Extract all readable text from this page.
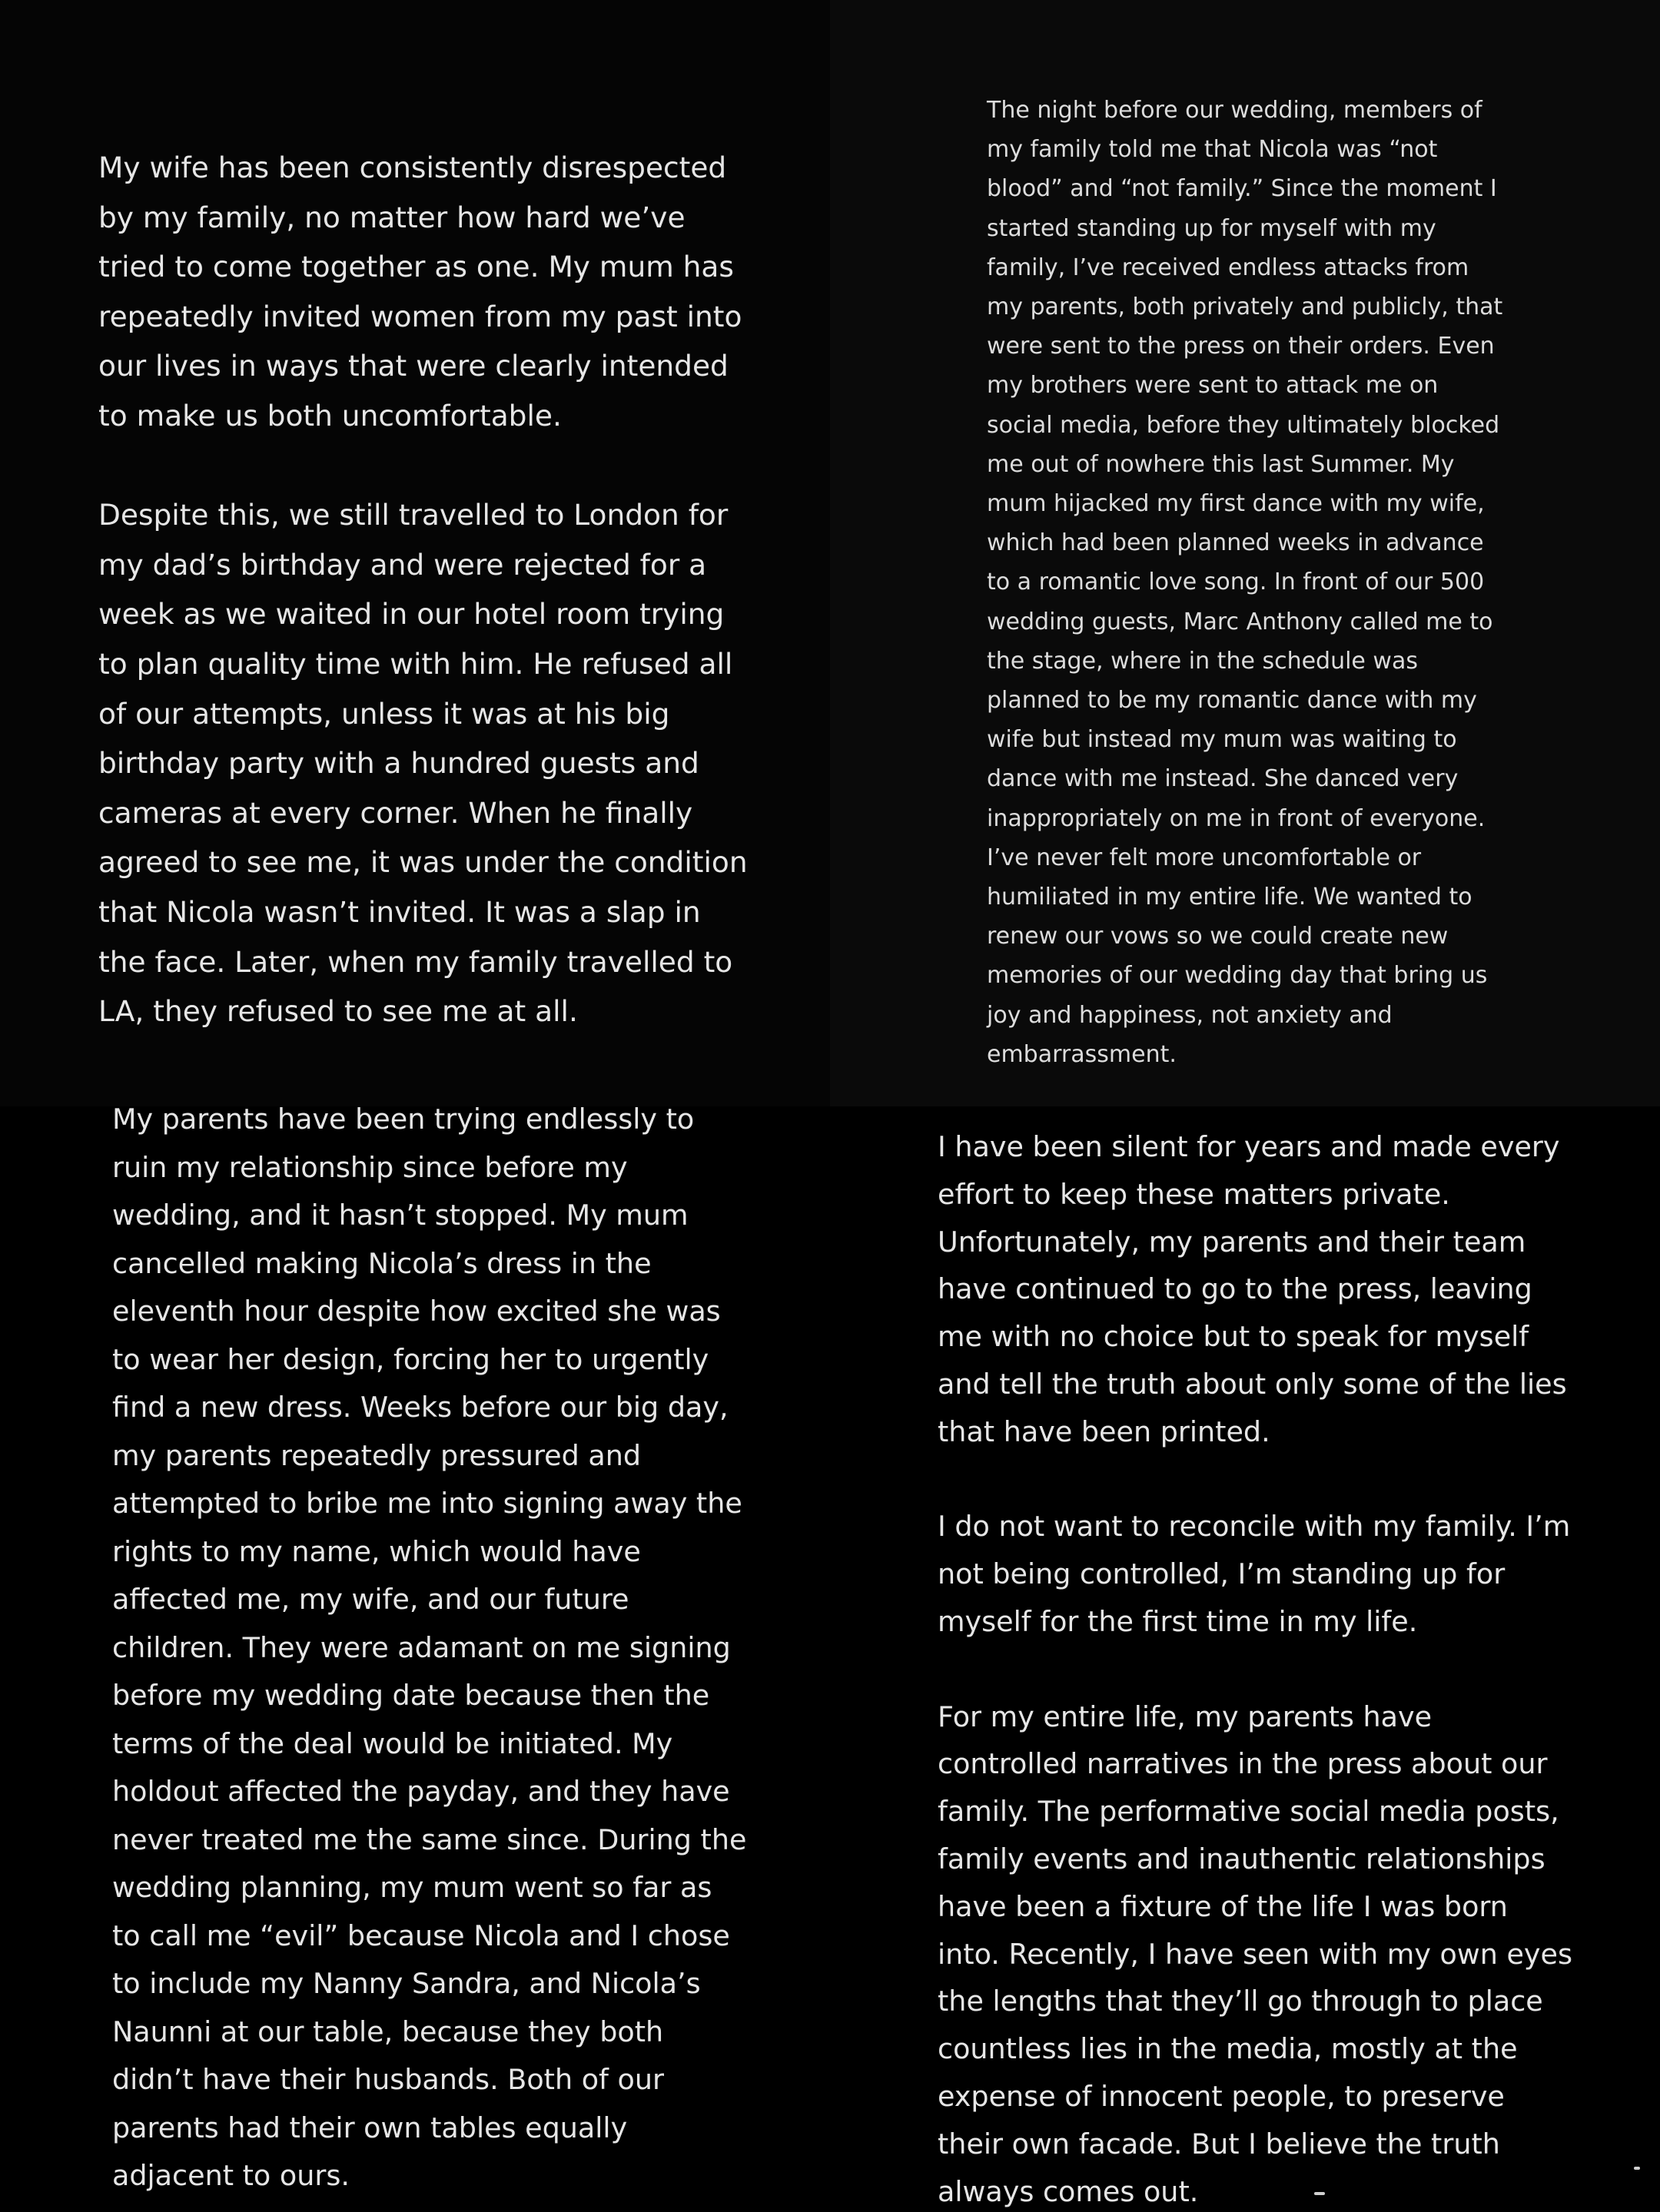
My wife has been consistently disrespected
by my family, no matter how hard we’ve
tried to come together as one. My mum has
repeatedly invited women from my past into
our lives in ways that were clearly intended
to make us both uncomfortable.

Despite this, we still travelled to London for
my dad’s birthday and were rejected for a
week as we waited in our hotel room trying
to plan quality time with him. He refused all
of our attempts, unless it was at his big
birthday party with a hundred guests and
cameras at every corner. When he finally
agreed to see me, it was under the condition
that Nicola wasn’t invited. It was a slap in
the face. Later, when my family travelled to
LA, they refused to see me at all.

The night before our wedding, members of
my family told me that Nicola was “not
blood” and “not family.” Since the moment I
started standing up for myself with my
family, I’ve received endless attacks from
my parents, both privately and publicly, that
were sent to the press on their orders. Even
my brothers were sent to attack me on
social media, before they ultimately blocked
me out of nowhere this last Summer. My
mum hijacked my first dance with my wife,
which had been planned weeks in advance
to a romantic love song. In front of our 500
wedding guests, Marc Anthony called me to
the stage, where in the schedule was
planned to be my romantic dance with my
wife but instead my mum was waiting to
dance with me instead. She danced very
inappropriately on me in front of everyone.
I’ve never felt more uncomfortable or
humiliated in my entire life. We wanted to
renew our vows so we could create new
memories of our wedding day that bring us
joy and happiness, not anxiety and
embarrassment.

My parents have been trying endlessly to
ruin my relationship since before my
wedding, and it hasn’t stopped. My mum
cancelled making Nicola’s dress in the
eleventh hour despite how excited she was
to wear her design, forcing her to urgently
find a new dress. Weeks before our big day,
my parents repeatedly pressured and
attempted to bribe me into signing away the
rights to my name, which would have
affected me, my wife, and our future
children. They were adamant on me signing
before my wedding date because then the
terms of the deal would be initiated. My
holdout affected the payday, and they have
never treated me the same since. During the
wedding planning, my mum went so far as
to call me “evil” because Nicola and I chose
to include my Nanny Sandra, and Nicola’s
Naunni at our table, because they both
didn’t have their husbands. Both of our
parents had their own tables equally
adjacent to ours.

I have been silent for years and made every
effort to keep these matters private.
Unfortunately, my parents and their team
have continued to go to the press, leaving
me with no choice but to speak for myself
and tell the truth about only some of the lies
that have been printed.

I do not want to reconcile with my family. I’m
not being controlled, I’m standing up for
myself for the first time in my life.

For my entire life, my parents have
controlled narratives in the press about our
family. The performative social media posts,
family events and inauthentic relationships
have been a fixture of the life I was born
into. Recently, I have seen with my own eyes
the lengths that they’ll go through to place
countless lies in the media, mostly at the
expense of innocent people, to preserve
their own facade. But I believe the truth
always comes out.
